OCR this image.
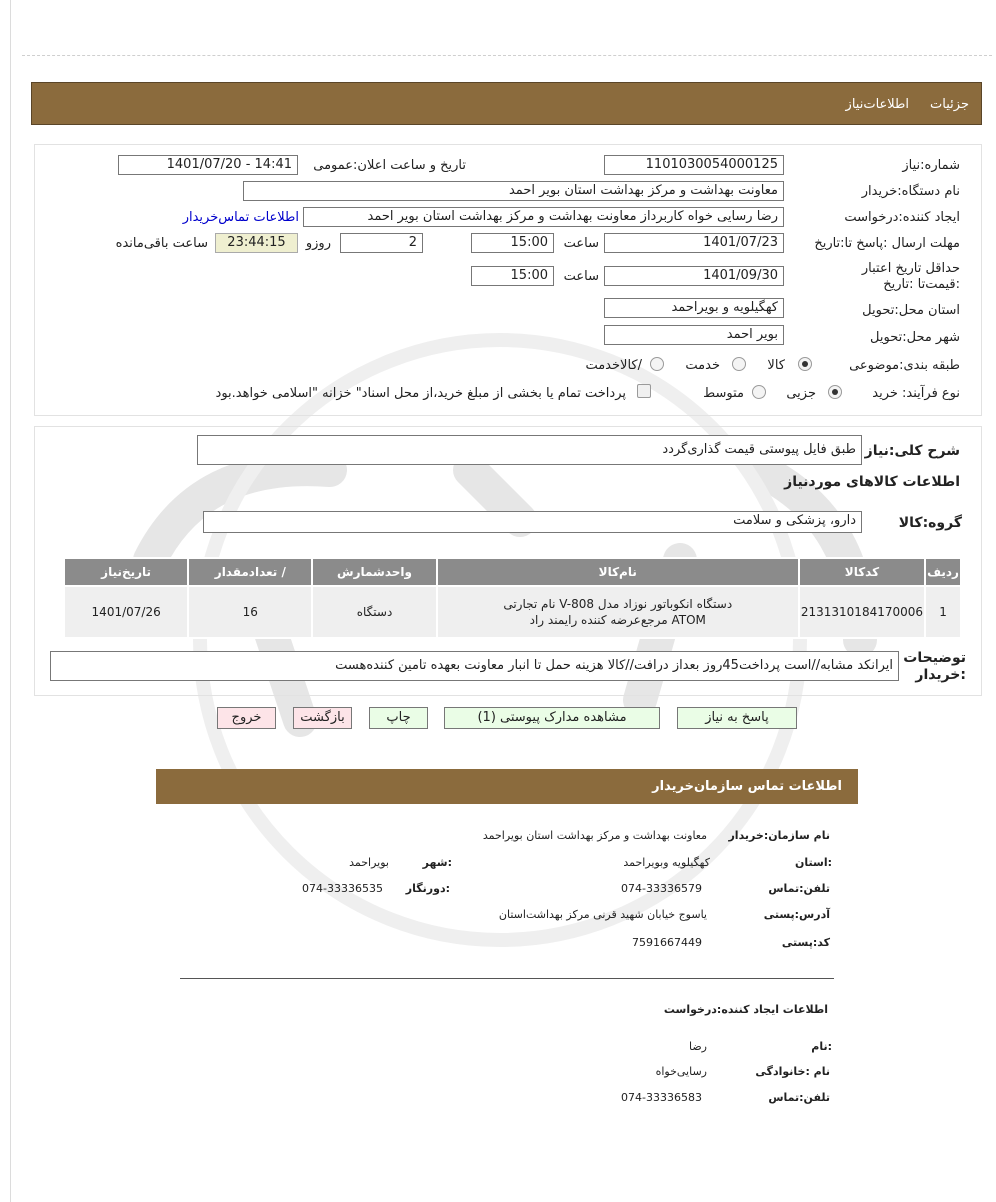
جزئیات
اطلاعات‌نیاز
شماره:نیاز
1101030054000125
تاریخ و ساعت اعلان:عمومی
1401/07/20 - 14:41
نام دستگاه:خریدار
معاونت بهداشت و مرکز بهداشت استان بویر احمد
ایجاد کننده:درخواست
رضا رسایی خواه کاربرداز معاونت بهداشت و مرکز بهداشت استان بویر احمد
اطلاعات تماس‌خریدار
مهلت ارسال :پاسخ تا:تاریخ
1401/07/23
ساعت
15:00
2
روزو
23:44:15
ساعت باقی‌مانده
حداقل تاریخ اعتبار :قیمت‌تا :تاریخ
1401/09/30
ساعت
15:00
استان محل:تحویل
کهگیلویه و بویراحمد
شهر محل:تحویل
بویر احمد
طبقه بندی:موضوعی
کالا
خدمت
/کالاخدمت
نوع فرآیند: خرید
جزیی
متوسط
پرداخت تمام یا بخشی از مبلغ خرید،از محل اسناد" خزانه "اسلامی خواهد.بود
شرح کلی:نیاز
طبق فایل پیوستی قیمت گذاری‌گردد
اطلاعات کالاهای موردنیاز
گروه:کالا
دارو، پزشکی و سلامت
ردیف	کدکالا	نام‌کالا	واحدشمارش	/ تعدادمقدار	تاریخ‌نیاز
1	2131310184170006	دستگاه انکوباتور نوزاد مدل V-808 نام تجارتی ATOM مرجع‌عرضه کننده رایمند راد	دستگاه	16	1401/07/26
توضیحات :خریدار
ایرانکد مشابه//است پرداخت45روز بعداز درافت//کالا هزینه حمل تا انبار معاونت بعهده تامین کننده‌هست
پاسخ به نیاز
مشاهده مدارک پیوستی (1)
چاپ
بازگشت
خروج
اطلاعات تماس سازمان‌خریدار
نام سازمان:خریدار
معاونت بهداشت و مرکز بهداشت استان بویراحمد
:استان
کهگیلویه وبویراحمد
:شهر
بویراحمد
تلفن:تماس
074-33336579
:دورنگار
074-33336535
آدرس:پستی
یاسوج خیابان شهید قرنی مرکز بهداشت‌استان
کد:پستی
7591667449
اطلاعات ایجاد کننده:درخواست
:نام
رضا
نام :خانوادگی
رسایی‌خواه
تلفن:تماس
074-33336583
